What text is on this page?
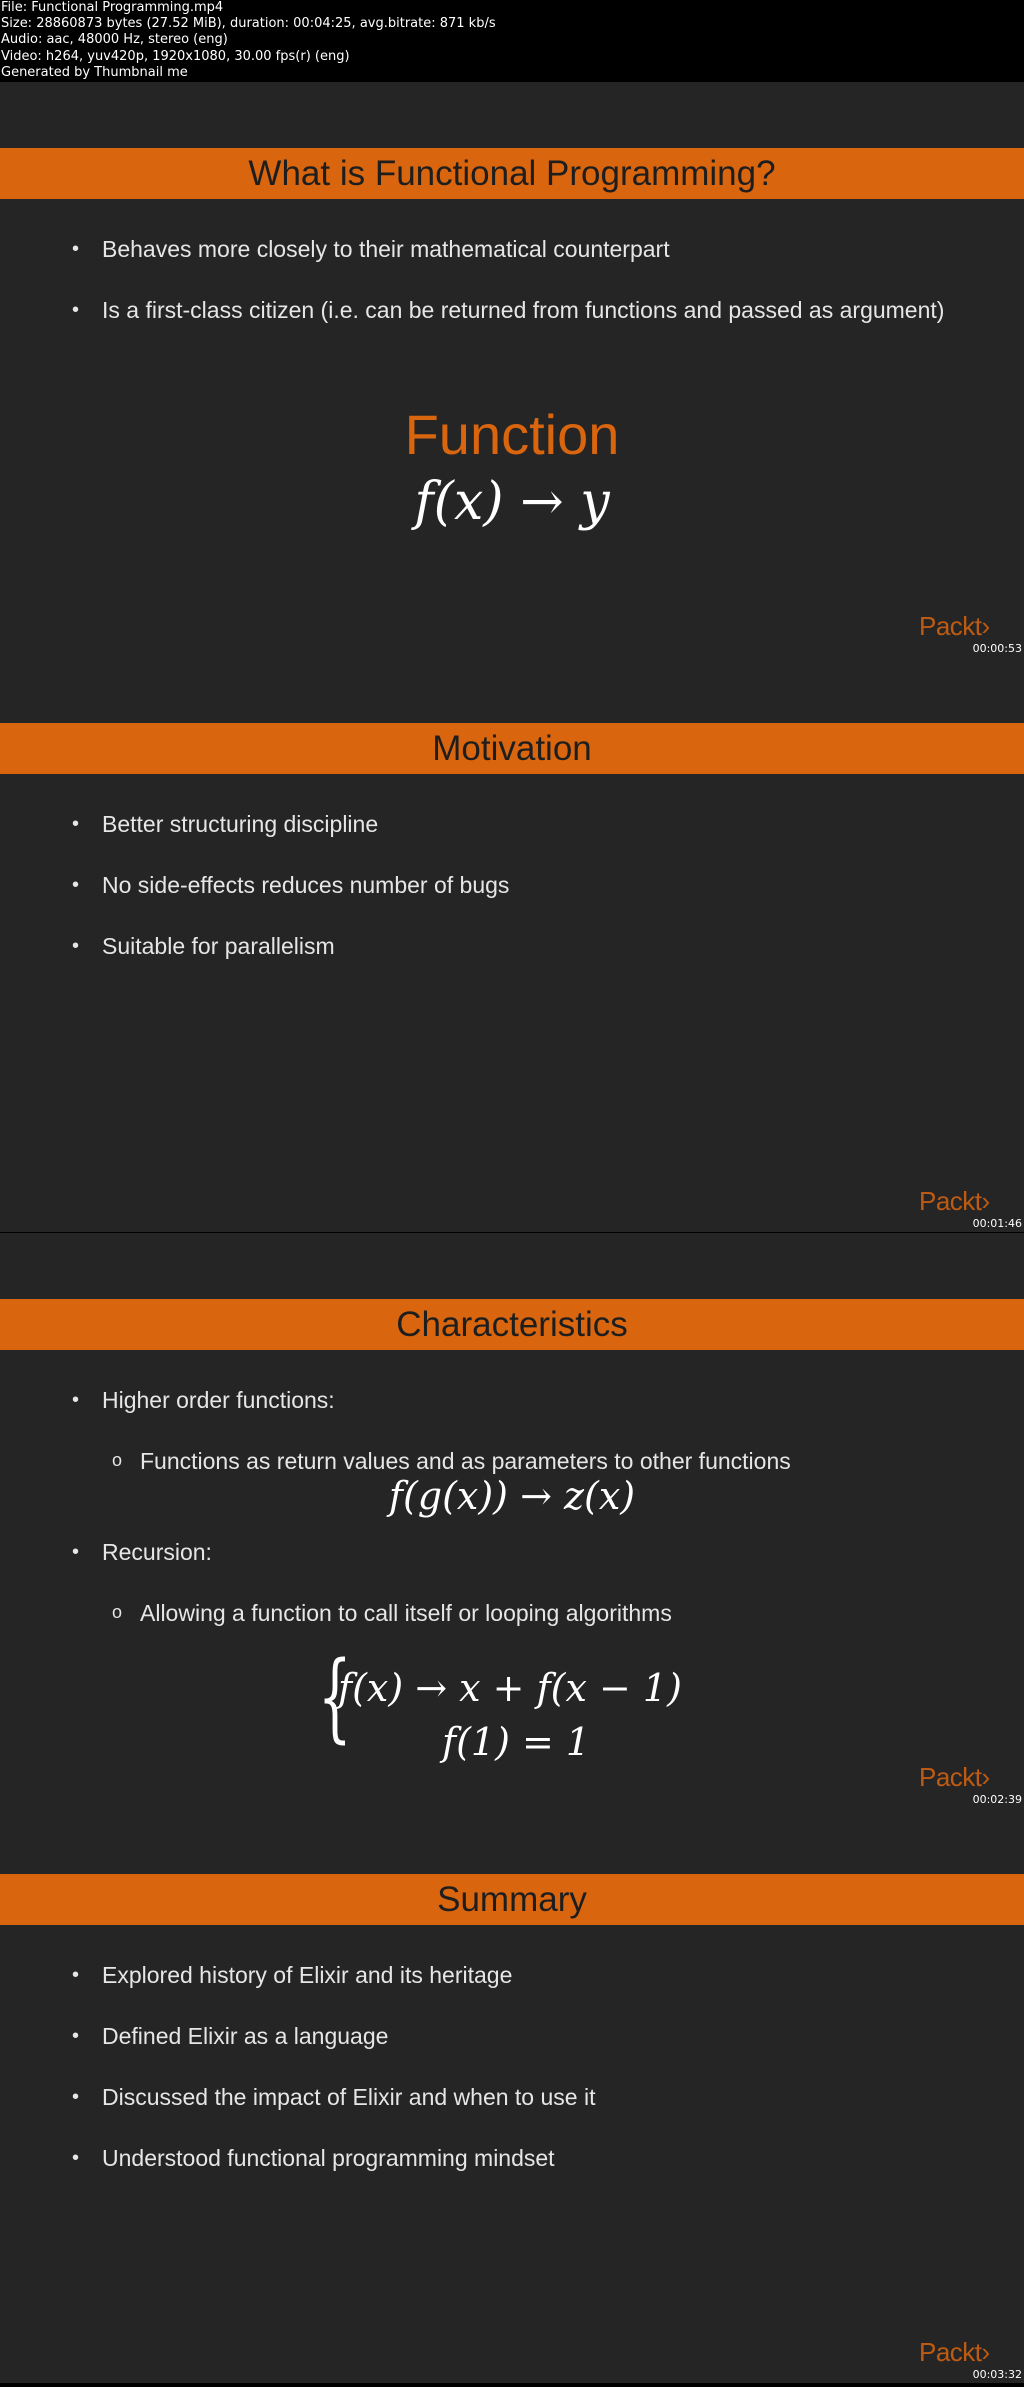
File: Functional Programming.mp4
Size: 28860873 bytes (27.52 MiB), duration: 00:04:25, avg.bitrate: 871 kb/s
Audio: aac, 48000 Hz, stereo (eng)
Video: h264, yuv420p, 1920x1080, 30.00 fps(r) (eng)
Generated by Thumbnail me
What is Functional Programming?
• Behaves more closely to their mathematical counterpart
• Is a first-class citizen (i.e. can be returned from functions and passed as argument)
Function
f(x) → y
Packt›
00:00:53
Motivation
• Better structuring discipline
• No side-effects reduces number of bugs
• Suitable for parallelism
Packt›
00:01:46
Characteristics
• Higher order functions:
o Functions as return values and as parameters to other functions
• Recursion:
o Allowing a function to call itself or looping algorithms
f(g(x)) → z(x)
{
f(x) → x + f(x − 1)
f(1) = 1
Packt›
00:02:39
Summary
• Explored history of Elixir and its heritage
• Defined Elixir as a language
• Discussed the impact of Elixir and when to use it
• Understood functional programming mindset
Packt›
00:03:32
